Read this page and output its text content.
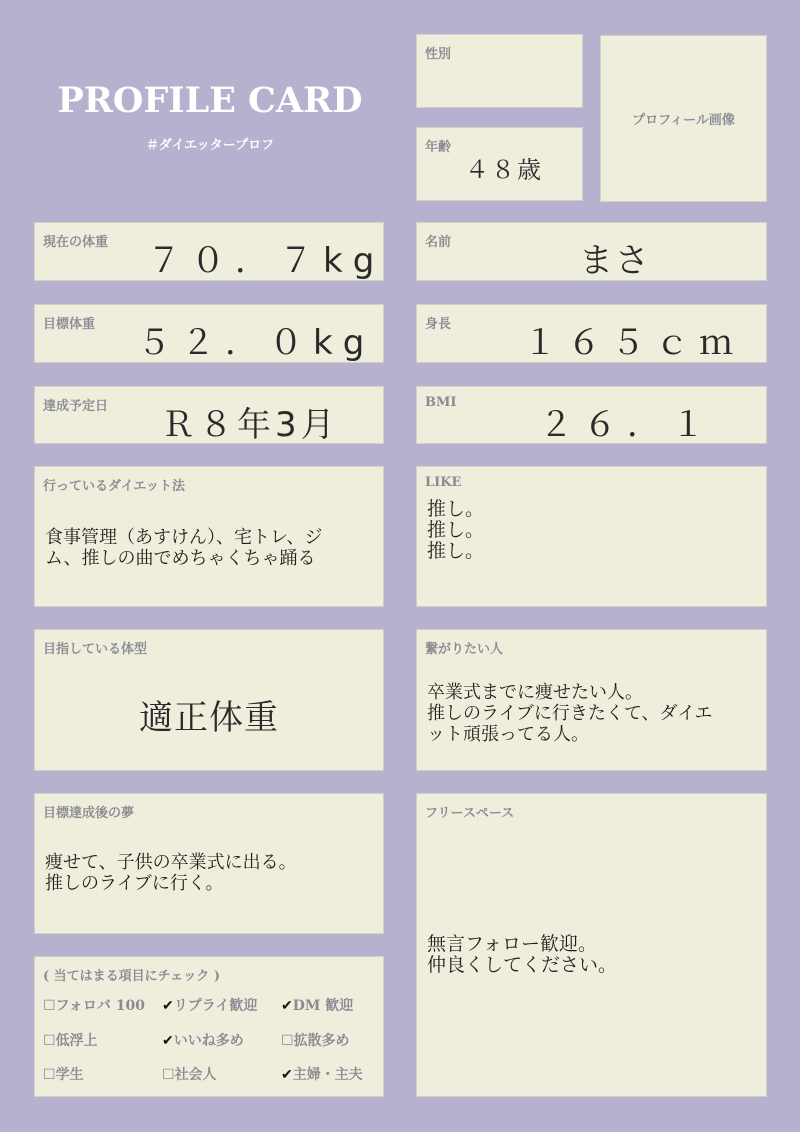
PROFILE CARD
＃ダイエッタープロフ
性別
年齢
４８歳
プロフィール画像
現在の体重 ７０．７kg	名前	まさ
目標体重 ５２．０kg	身長 １６５ｃｍ
達成予定日 Ｒ８年3月
BMI
２６．１
行っているダイエット法
食事管理（あすけん）、宅トレ、ジ
ム、推しの曲でめちゃくちゃ踊る
LIKE
推し。
推し。
推し。
目指している体型
適正体重
繋がりたい人
卒業式までに痩せたい人。
推しのライブに行きたくて、ダイエ
ット頑張ってる人。
目標達成後の夢
痩せて、子供の卒業式に出る。
推しのライブに行く。
フリースペース
無言フォロー歓迎。
仲良くしてください。
( 当てはまる項目にチェック )
☐フォロバ 100 ✔リプライ歓迎 ✔DM 歓迎
☐低浮上	✔いいね多め	☐拡散多め
☐学生	☐社会人	✔主婦・主夫
